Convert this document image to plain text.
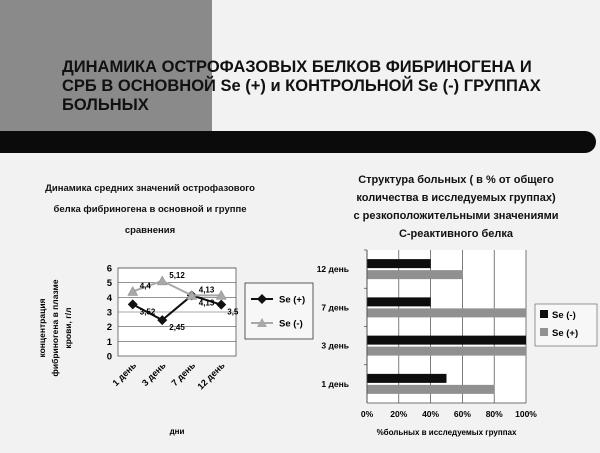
ДИНАМИКА ОСТРОФАЗОВЫХ БЕЛКОВ ФИБРИНОГЕНА И
СРБ В ОСНОВНОЙ Se (+) и КОНТРОЛЬНОЙ Se (-) ГРУППАХ
БОЛЬНЫХ
Динамика средних значений острофазового
белка фибриногена в основной и группе
сравнения
Структура больных ( в % от общего
количества в исследуемых группах)
с резкоположительными значениями
С-реактивного белка
0
1
2
3
4
5
6
1 день 3 день 7 день
12 день
дни
концентрация фибриногена в плазме крови, г/л	3,52
2,45
4,13
3,5
4,4
5,12
4,13
Se (+)
Se (-)
0% 20% 40% 60% 80% 100%
%больных в исследуемых группах
1 день
3 день
7 день
12 день
Se (-)
Se (+)
